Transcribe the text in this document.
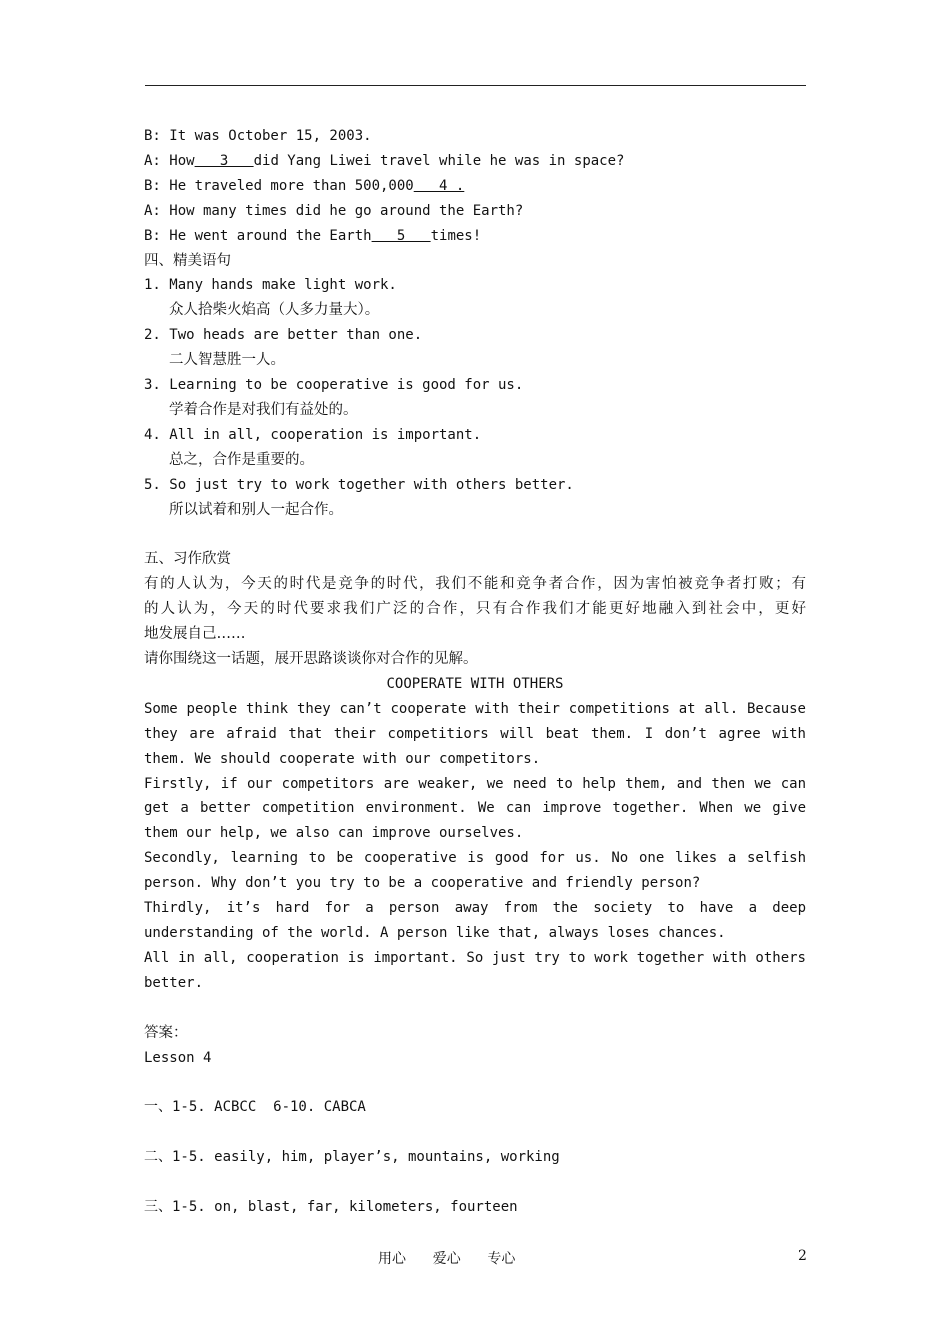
B: It was October 15, 2003.
A: How   3   did Yang Liwei travel while he was in space?
B: He traveled more than 500,000   4 .
A: How many times did he go around the Earth?
B: He went around the Earth   5   times!
四、精美语句
1. Many hands make light work.
众人拾柴火焰高（人多力量大）。
2. Two heads are better than one.
二人智慧胜一人。
3. Learning to be cooperative is good for us.
学着合作是对我们有益处的。
4. All in all, cooperation is important.
总之，合作是重要的。
5. So just try to work together with others better.
所以试着和别人一起合作。
五、习作欣赏
有的人认为，今天的时代是竞争的时代，我们不能和竞争者合作，因为害怕被竞争者打败；有
的人认为，今天的时代要求我们广泛的合作，只有合作我们才能更好地融入到社会中，更好
地发展自己……
请你围绕这一话题，展开思路谈谈你对合作的见解。
COOPERATE WITH OTHERS
Some people think they can’t cooperate with their competitions at all. Because
they are afraid that their competitiors will beat them. I don’t agree with
them. We should cooperate with our competitors.
Firstly, if our competitors are weaker, we need to help them, and then we can
get a better competition environment. We can improve together. When we give
them our help, we also can improve ourselves.
Secondly, learning to be cooperative is good for us. No one likes a selfish
person. Why don’t you try to be a cooperative and friendly person?
Thirdly, it’s hard for a person away from the society to have a deep
understanding of the world. A person like that, always loses chances.
All in all, cooperation is important. So just try to work together with others
better.
答案：
Lesson 4
一、1-5. ACBCC  6-10. CABCA
二、1-5. easily, him, player’s, mountains, working
三、1-5. on, blast, far, kilometers, fourteen
用心      爱心      专心	2
